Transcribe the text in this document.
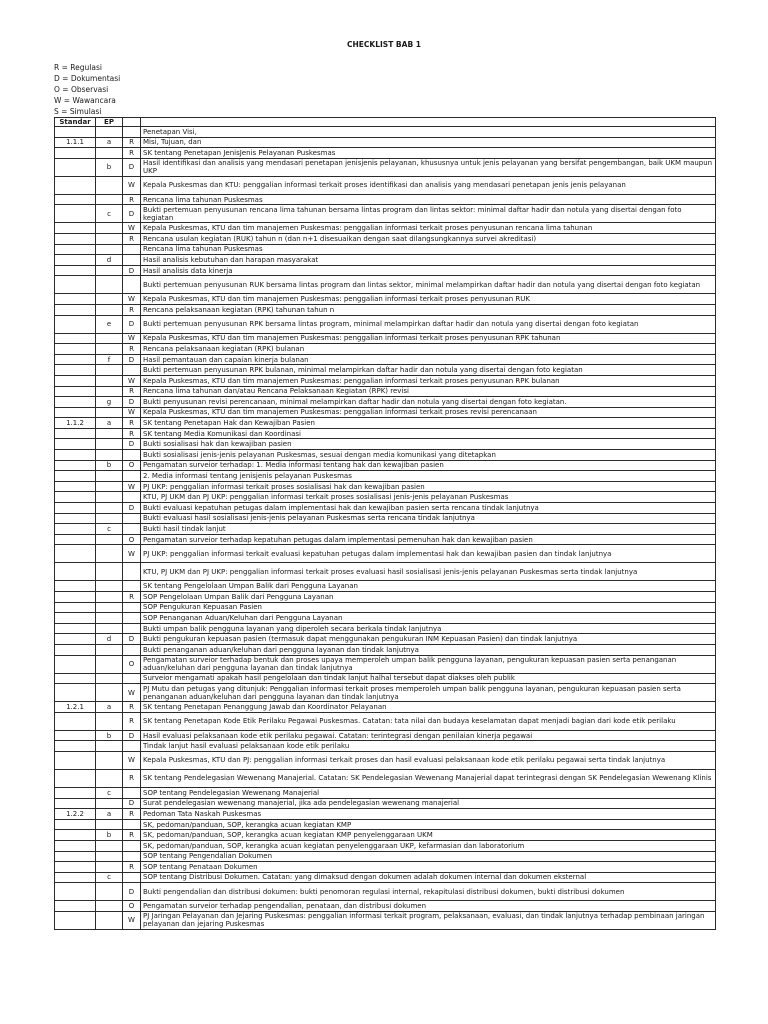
CHECKLIST BAB 1
R = Regulasi
D = Dokumentasi
O = Observasi
W = Wawancara
S = Simulasi
Standar	EP		
			Penetapan Visi,
1.1.1	a	R	Misi, Tujuan, dan
		R	SK tentang Penetapan JenisJenis Pelayanan Puskesmas
	b	D	Hasil identifikasi dan analisis yang mendasari penetapan jenisjenis pelayanan, khususnya untuk jenis pelayanan yang bersifat pengembangan, baik UKM maupun UKP
		W	Kepala Puskesmas dan KTU: penggalian informasi terkait proses identifikasi dan analisis yang mendasari penetapan jenis jenis pelayanan
		R	Rencana lima tahunan Puskesmas
	c	D	Bukti pertemuan penyusunan rencana lima tahunan bersama lintas program dan lintas sektor: minimal daftar hadir dan notula yang disertai dengan foto kegiatan
		W	Kepala Puskesmas, KTU dan tim manajemen Puskesmas: penggalian informasi terkait proses penyusunan rencana lima tahunan
		R	Rencana usulan kegiatan (RUK) tahun n (dan n+1 disesuaikan dengan saat dilangsungkannya survei akreditasi)
			Rencana lima tahunan Puskesmas
	d		Hasil analisis kebutuhan dan harapan masyarakat
		D	Hasil analisis data kinerja
			Bukti pertemuan penyusunan RUK bersama lintas program dan lintas sektor, minimal melampirkan daftar hadir dan notula yang disertai dengan foto kegiatan
		W	Kepala Puskesmas, KTU dan tim manajemen Puskesmas: penggalian informasi terkait proses penyusunan RUK
		R	Rencana pelaksanaan kegiatan (RPK) tahunan tahun n
	e	D	Bukti pertemuan penyusunan RPK bersama lintas program, minimal melampirkan daftar hadir dan notula yang disertai dengan foto kegiatan
		W	Kepala Puskesmas, KTU dan tim manajemen Puskesmas: penggalian informasi terkait proses penyusunan RPK tahunan
		R	Rencana pelaksanaan kegiatan (RPK) bulanan
	f	D	Hasil pemantauan dan capaian kinerja bulanan
			Bukti pertemuan penyusunan RPK bulanan, minimal melampirkan daftar hadir dan notula yang disertai dengan foto kegiatan
		W	Kepala Puskesmas, KTU dan tim manajemen Puskesmas: penggalian informasi terkait proses penyusunan RPK bulanan
		R	Rencana lima tahunan dan/atau Rencana Pelaksanaan Kegiatan (RPK) revisi
	g	D	Bukti penyusunan revisi perencanaan, minimal melampirkan daftar hadir dan notula yang disertai dengan foto kegiatan.
		W	Kepala Puskesmas, KTU dan tim manajemen Puskesmas: penggalian informasi terkait proses revisi perencanaan
1.1.2	a	R	SK tentang Penetapan Hak dan Kewajiban Pasien
		R	SK tentang Media Komunikasi dan Koordinasi
		D	Bukti sosialisasi hak dan kewajiban pasien
			Bukti sosialisasi jenis-jenis pelayanan Puskesmas, sesuai dengan media komunikasi yang ditetapkan
	b	O	Pengamatan surveior terhadap: 1. Media informasi tentang hak dan kewajiban pasien
			2. Media informasi tentang jenisjenis pelayanan Puskesmas
		W	PJ UKP: penggalian informasi terkait proses sosialisasi hak dan kewajiban pasien
			KTU, PJ UKM dan PJ UKP: penggalian informasi terkait proses sosialisasi jenis-jenis pelayanan Puskesmas
		D	Bukti evaluasi kepatuhan petugas dalam implementasi hak dan kewajiban pasien serta rencana tindak lanjutnya
			Bukti evaluasi hasil sosialisasi jenis-jenis pelayanan Puskesmas serta rencana tindak lanjutnya
	c		Bukti hasil tindak lanjut
		O	Pengamatan surveior terhadap kepatuhan petugas dalam implementasi pemenuhan hak dan kewajiban pasien
		W	PJ UKP: penggalian informasi terkait evaluasi kepatuhan petugas dalam implementasi hak dan kewajiban pasien dan tindak lanjutnya
			KTU, PJ UKM dan PJ UKP: penggalian informasi terkait proses evaluasi hasil sosialisasi jenis-jenis pelayanan Puskesmas serta tindak lanjutnya
			SK tentang Pengelolaan Umpan Balik dari Pengguna Layanan
		R	SOP Pengelolaan Umpan Balik dari Pengguna Layanan
			SOP Pengukuran Kepuasan Pasien
			SOP Penanganan Aduan/Keluhan dari Pengguna Layanan
			Bukti umpan balik pengguna layanan yang diperoleh secara berkala tindak lanjutnya
	d	D	Bukti pengukuran kepuasan pasien (termasuk dapat menggunakan pengukuran INM Kepuasan Pasien) dan tindak lanjutnya
			Bukti penanganan aduan/keluhan dari pengguna layanan dan tindak lanjutnya
		O	Pengamatan surveior terhadap bentuk dan proses upaya memperoleh umpan balik pengguna layanan, pengukuran kepuasan pasien serta penanganan aduan/keluhan dari pengguna layanan dan tindak lanjutnya
			Surveior mengamati apakah hasil pengelolaan dan tindak lanjut halhal tersebut dapat diakses oleh publik
		W	PJ Mutu dan petugas yang ditunjuk: Penggalian informasi terkait proses memperoleh umpan balik pengguna layanan, pengukuran kepuasan pasien serta penanganan aduan/keluhan dari pengguna layanan dan tindak lanjutnya
1.2.1	a	R	SK tentang Penetapan Penanggung Jawab dan Koordinator Pelayanan
		R	SK tentang Penetapan Kode Etik Perilaku Pegawai Puskesmas. Catatan: tata nilai dan budaya keselamatan dapat menjadi bagian dari kode etik perilaku
	b	D	Hasil evaluasi pelaksanaan kode etik perilaku pegawai. Catatan: terintegrasi dengan penilaian kinerja pegawai
			Tindak lanjut hasil evaluasi pelaksanaan kode etik perilaku
		W	Kepala Puskesmas, KTU dan PJ: penggalian informasi terkait proses dan hasil evaluasi pelaksanaan kode etik perilaku pegawai serta tindak lanjutnya
		R	SK tentang Pendelegasian Wewenang Manajerial. Catatan: SK Pendelegasian Wewenang Manajerial dapat terintegrasi dengan SK Pendelegasian Wewenang Klinis
	c		SOP tentang Pendelegasian Wewenang Manajerial
		D	Surat pendelegasian wewenang manajerial, jika ada pendelegasian wewenang manajerial
1.2.2	a	R	Pedoman Tata Naskah Puskesmas
			SK, pedoman/panduan, SOP, kerangka acuan kegiatan KMP
	b	R	SK, pedoman/panduan, SOP, kerangka acuan kegiatan KMP penyelenggaraan UKM
			SK, pedoman/panduan, SOP, kerangka acuan kegiatan penyelenggaraan UKP, kefarmasian dan laboratorium
			SOP tentang Pengendalian Dokumen
		R	SOP tentang Penataan Dokumen
	c		SOP tentang Distribusi Dokumen. Catatan: yang dimaksud dengan dokumen adalah dokumen internal dan dokumen eksternal
		D	Bukti pengendalian dan distribusi dokumen: bukti penomoran regulasi internal, rekapitulasi distribusi dokumen, bukti distribusi dokumen
		O	Pengamatan surveior terhadap pengendalian, penataan, dan distribusi dokumen
		W	PJ Jaringan Pelayanan dan Jejaring Puskesmas: penggalian informasi terkait program, pelaksanaan, evaluasi, dan tindak lanjutnya terhadap pembinaan jaringan pelayanan dan jejaring Puskesmas
